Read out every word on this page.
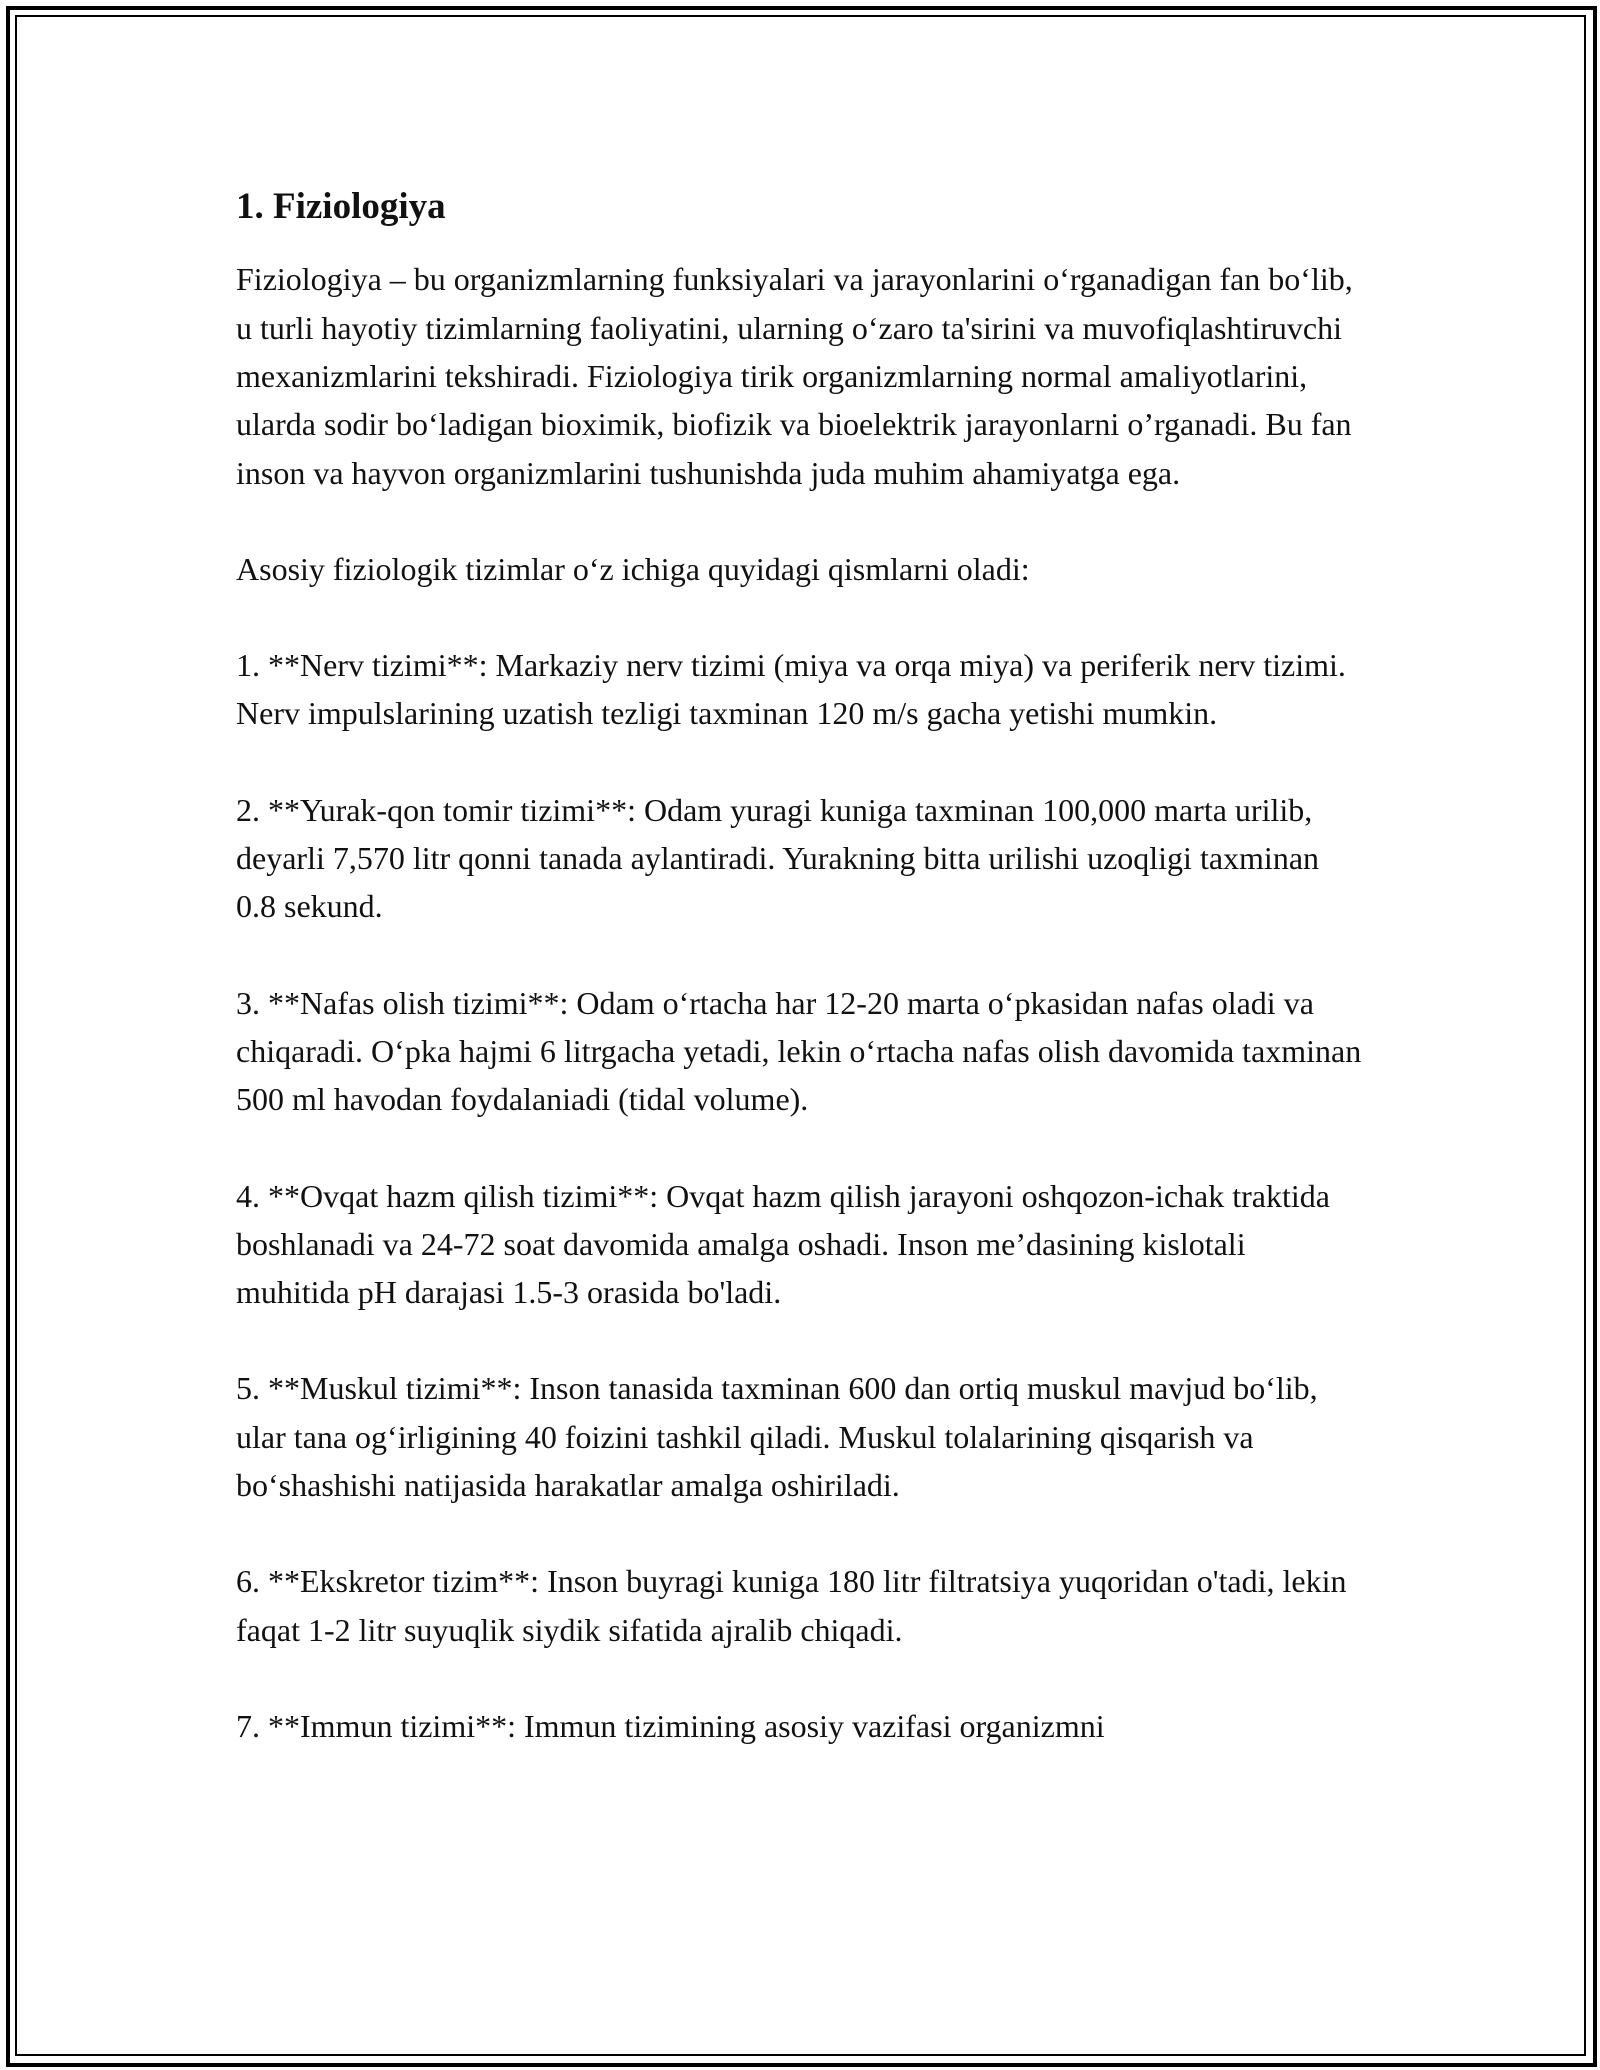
1. Fiziologiya

Fiziologiya – bu organizmlarning funksiyalari va jarayonlarini oʻrganadigan fan boʻlib, u turli hayotiy tizimlarning faoliyatini, ularning oʻzaro ta'sirini va muvofiqlashtiruvchi mexanizmlarini tekshiradi. Fiziologiya tirik organizmlarning normal amaliyotlarini, ularda sodir boʻladigan bioximik, biofizik va bioelektrik jarayonlarni oʼrganadi. Bu fan inson va hayvon organizmlarini tushunishda juda muhim ahamiyatga ega.

Asosiy fiziologik tizimlar oʻz ichiga quyidagi qismlarni oladi:

1. **Nerv tizimi**: Markaziy nerv tizimi (miya va orqa miya) va periferik nerv tizimi. Nerv impulslarining uzatish tezligi taxminan 120 m/s gacha yetishi mumkin.

2. **Yurak-qon tomir tizimi**: Odam yuragi kuniga taxminan 100,000 marta urilib, deyarli 7,570 litr qonni tanada aylantiradi. Yurakning bitta urilishi uzoqligi taxminan 0.8 sekund.

3. **Nafas olish tizimi**: Odam oʻrtacha har 12-20 marta oʻpkasidan nafas oladi va chiqaradi. Oʻpka hajmi 6 litrgacha yetadi, lekin oʻrtacha nafas olish davomida taxminan 500 ml havodan foydalaniadi (tidal volume).

4. **Ovqat hazm qilish tizimi**: Ovqat hazm qilish jarayoni oshqozon-ichak traktida boshlanadi va 24-72 soat davomida amalga oshadi. Inson me’dasining kislotali muhitida pH darajasi 1.5-3 orasida bo'ladi.

5. **Muskul tizimi**: Inson tanasida taxminan 600 dan ortiq muskul mavjud boʻlib, ular tana ogʻirligining 40 foizini tashkil qiladi. Muskul tolalarining qisqarish va boʻshashishi natijasida harakatlar amalga oshiriladi.

6. **Ekskretor tizim**: Inson buyragi kuniga 180 litr filtratsiya yuqoridan o'tadi, lekin faqat 1-2 litr suyuqlik siydik sifatida ajralib chiqadi.

7. **Immun tizimi**: Immun tizimining asosiy vazifasi organizmni
